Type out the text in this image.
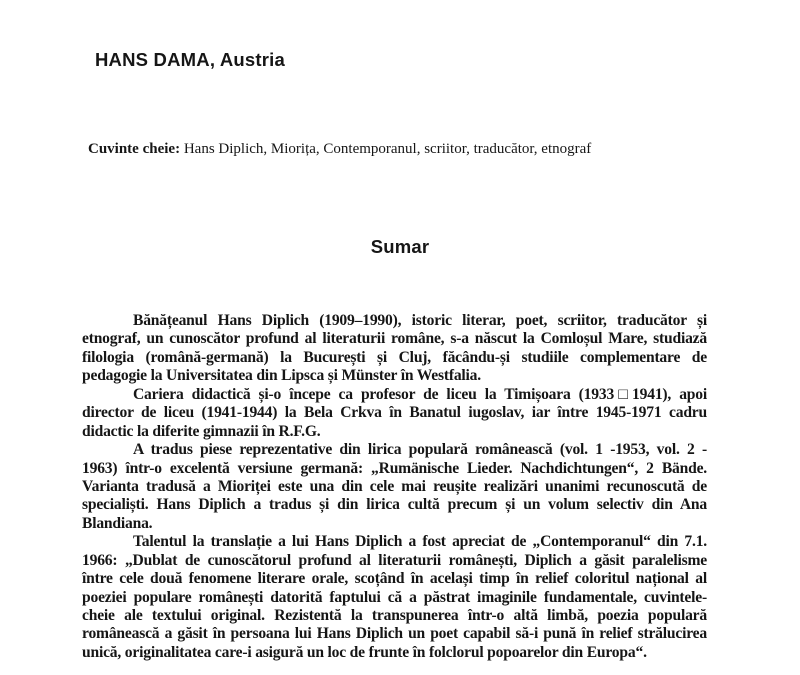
HANS DAMA, Austria
Cuvinte cheie: Hans Diplich, Miorița, Contemporanul, scriitor, traducător, etnograf
Sumar
Bănățeanul Hans Diplich (1909–1990), istoric literar, poet, scriitor, traducător și
etnograf, un cunoscător profund al literaturii române, s-a născut la Comloșul Mare, studiază
filologia (română-germană) la București și Cluj, făcându-și studiile complementare de
pedagogie la Universitatea din Lipsca și Münster în Westfalia.
Cariera didactică și-o începe ca profesor de liceu la Timișoara (1933□1941), apoi
director de liceu (1941-1944) la Bela Crkva în Banatul iugoslav, iar între 1945-1971 cadru
didactic la diferite gimnazii în R.F.G.
A tradus piese reprezentative din lirica populară românească (vol. 1 -1953, vol. 2 -
1963) într-o excelentă versiune germană: „Rumänische Lieder. Nachdichtungen“, 2 Bände.
Varianta tradusă a Mioriței este una din cele mai reușite realizări unanimi recunoscută de
specialiști. Hans Diplich a tradus și din lirica cultă precum și un volum selectiv din Ana
Blandiana.
Talentul la translație a lui Hans Diplich a fost apreciat de „Contemporanul“ din 7.1.
1966: „Dublat de cunoscătorul profund al literaturii românești, Diplich a găsit paralelisme
între cele două fenomene literare orale, scoțând în același timp în relief coloritul național al
poeziei populare românești datorită faptului că a păstrat imaginile fundamentale, cuvintele-
cheie ale textului original. Rezistentă la transpunerea într-o altă limbă, poezia populară
românească a găsit în persoana lui Hans Diplich un poet capabil să-i pună în relief strălucirea
unică, originalitatea care-i asigură un loc de frunte în folclorul popoarelor din Europa“.
